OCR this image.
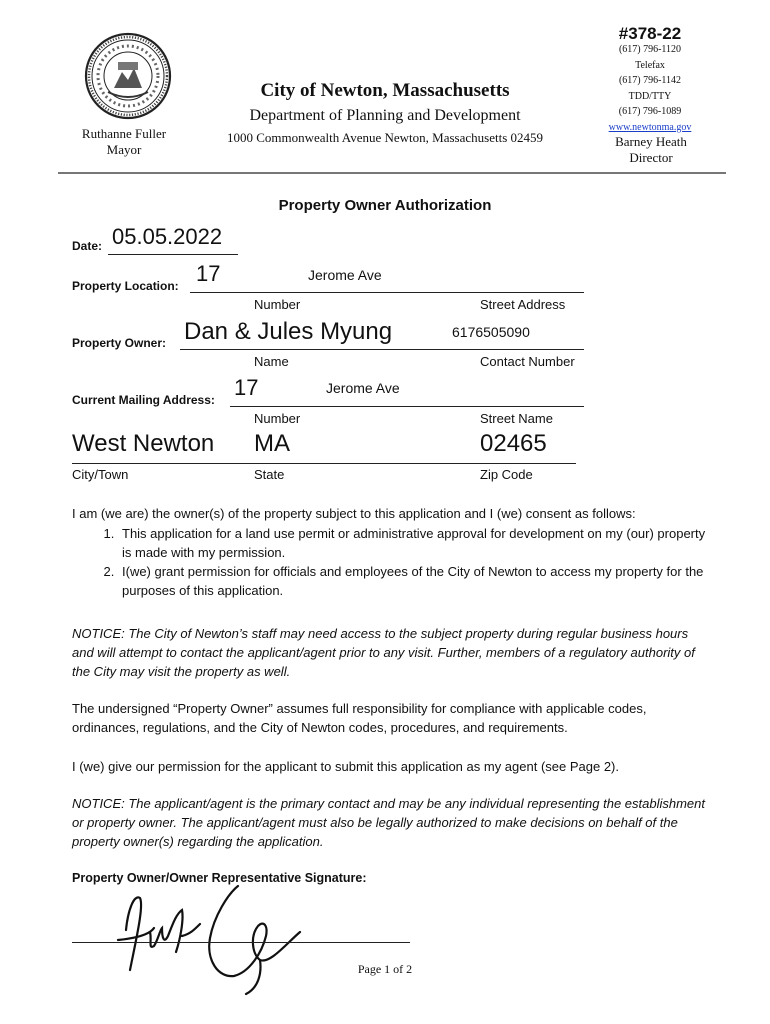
Ruthanne Fuller
Mayor
City of Newton, Massachusetts
Department of Planning and Development
1000 Commonwealth Avenue Newton, Massachusetts 02459
#378-22
(617) 796-1120
Telefax
(617) 796-1142
TDD/TTY
(617) 796-1089
www.newtonma.gov
Barney Heath
Director
Property Owner Authorization
Date: 05.05.2022
Property Location: 17	Jerome Ave
Number	Street Address
Property Owner: Dan & Jules Myung	6176505090
Name	Contact Number
Current Mailing Address: 17	Jerome Ave
Number	Street Name
West Newton MA	02465
City/Town	State	Zip Code
I am (we are) the owner(s) of the property subject to this application and I (we) consent as follows:
1. This application for a land use permit or administrative approval for development on my (our) property is made with my permission.
2. I(we) grant permission for officials and employees of the City of Newton to access my property for the purposes of this application.
NOTICE: The City of Newton’s staff may need access to the subject property during regular business hours and will attempt to contact the applicant/agent prior to any visit. Further, members of a regulatory authority of the City may visit the property as well.
The undersigned “Property Owner” assumes full responsibility for compliance with applicable codes, ordinances, regulations, and the City of Newton codes, procedures, and requirements.
I (we) give our permission for the applicant to submit this application as my agent (see Page 2).
NOTICE: The applicant/agent is the primary contact and may be any individual representing the establishment or property owner. The applicant/agent must also be legally authorized to make decisions on behalf of the property owner(s) regarding the application.
Property Owner/Owner Representative Signature:
Page 1 of 2
